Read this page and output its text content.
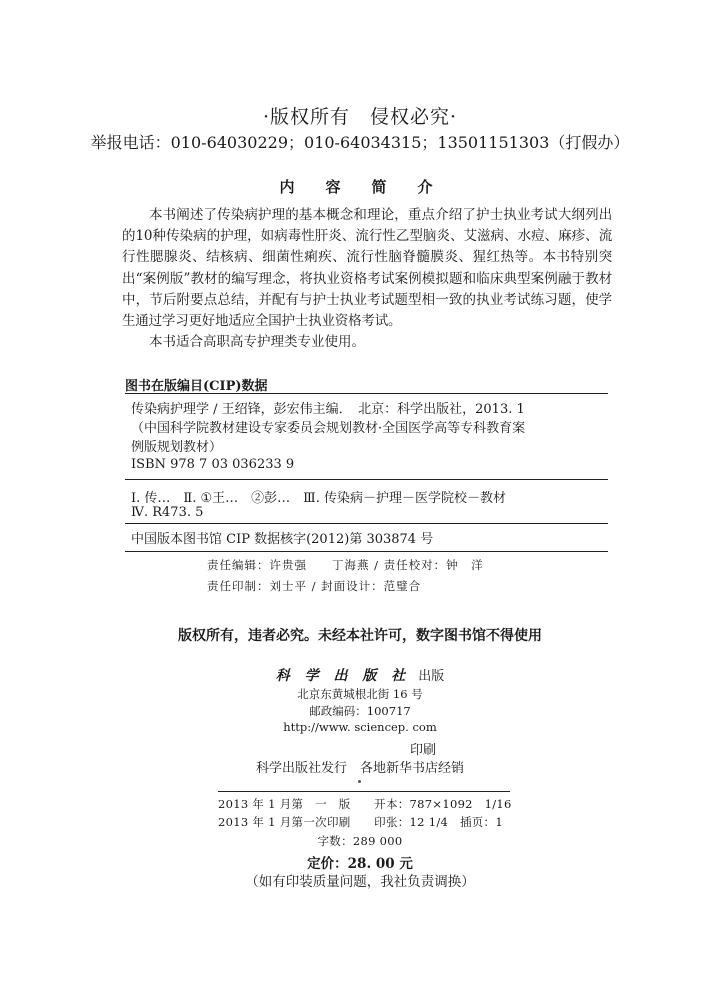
·版权所有　侵权必究·
举报电话：010-64030229；010-64034315；13501151303（打假办）
内　容　简　介

本书阐述了传染病护理的基本概念和理论，重点介绍了护士执业考试大纲列出的10种传染病的护理，如病毒性肝炎、流行性乙型脑炎、艾滋病、水痘、麻疹、流行性腮腺炎、结核病、细菌性痢疾、流行性脑脊髓膜炎、猩红热等。本书特别突出“案例版”教材的编写理念，将执业资格考试案例模拟题和临床典型案例融于教材中，节后附要点总结，并配有与护士执业考试题型相一致的执业考试练习题，使学生通过学习更好地适应全国护士执业资格考试。

本书适合高职高专护理类专业使用。

图书在版编目(CIP)数据
传染病护理学 / 王绍锋，彭宏伟主编．　北京：科学出版社，2013. 1
（中国科学院教材建设专家委员会规划教材·全国医学高等专科教育案
例版规划教材）
ISBN 978 7 03 036233 9
Ⅰ. 传…　Ⅱ. ①王…　②彭…　Ⅲ. 传染病－护理－医学院校－教材
Ⅳ. R473. 5
中国版本图书馆 CIP 数据核字(2012)第 303874 号
责任编辑：许贵强　　丁海燕 / 责任校对：钟　洋
责任印制：刘士平 / 封面设计：范璧合
版权所有，违者必究。未经本社许可，数字图书馆不得使用
科 学 出 版 社 出版
北京东黄城根北街 16 号
邮政编码：100717
http://www. sciencep. com
印刷
科学出版社发行　各地新华书店经销
2013 年 1 月第　一　版　　开本：787×1092　1/16
2013 年 1 月第一次印刷　　印张：12 1/4　插页：1
字数：289 000
定价：28. 00 元
（如有印装质量问题，我社负责调换）
